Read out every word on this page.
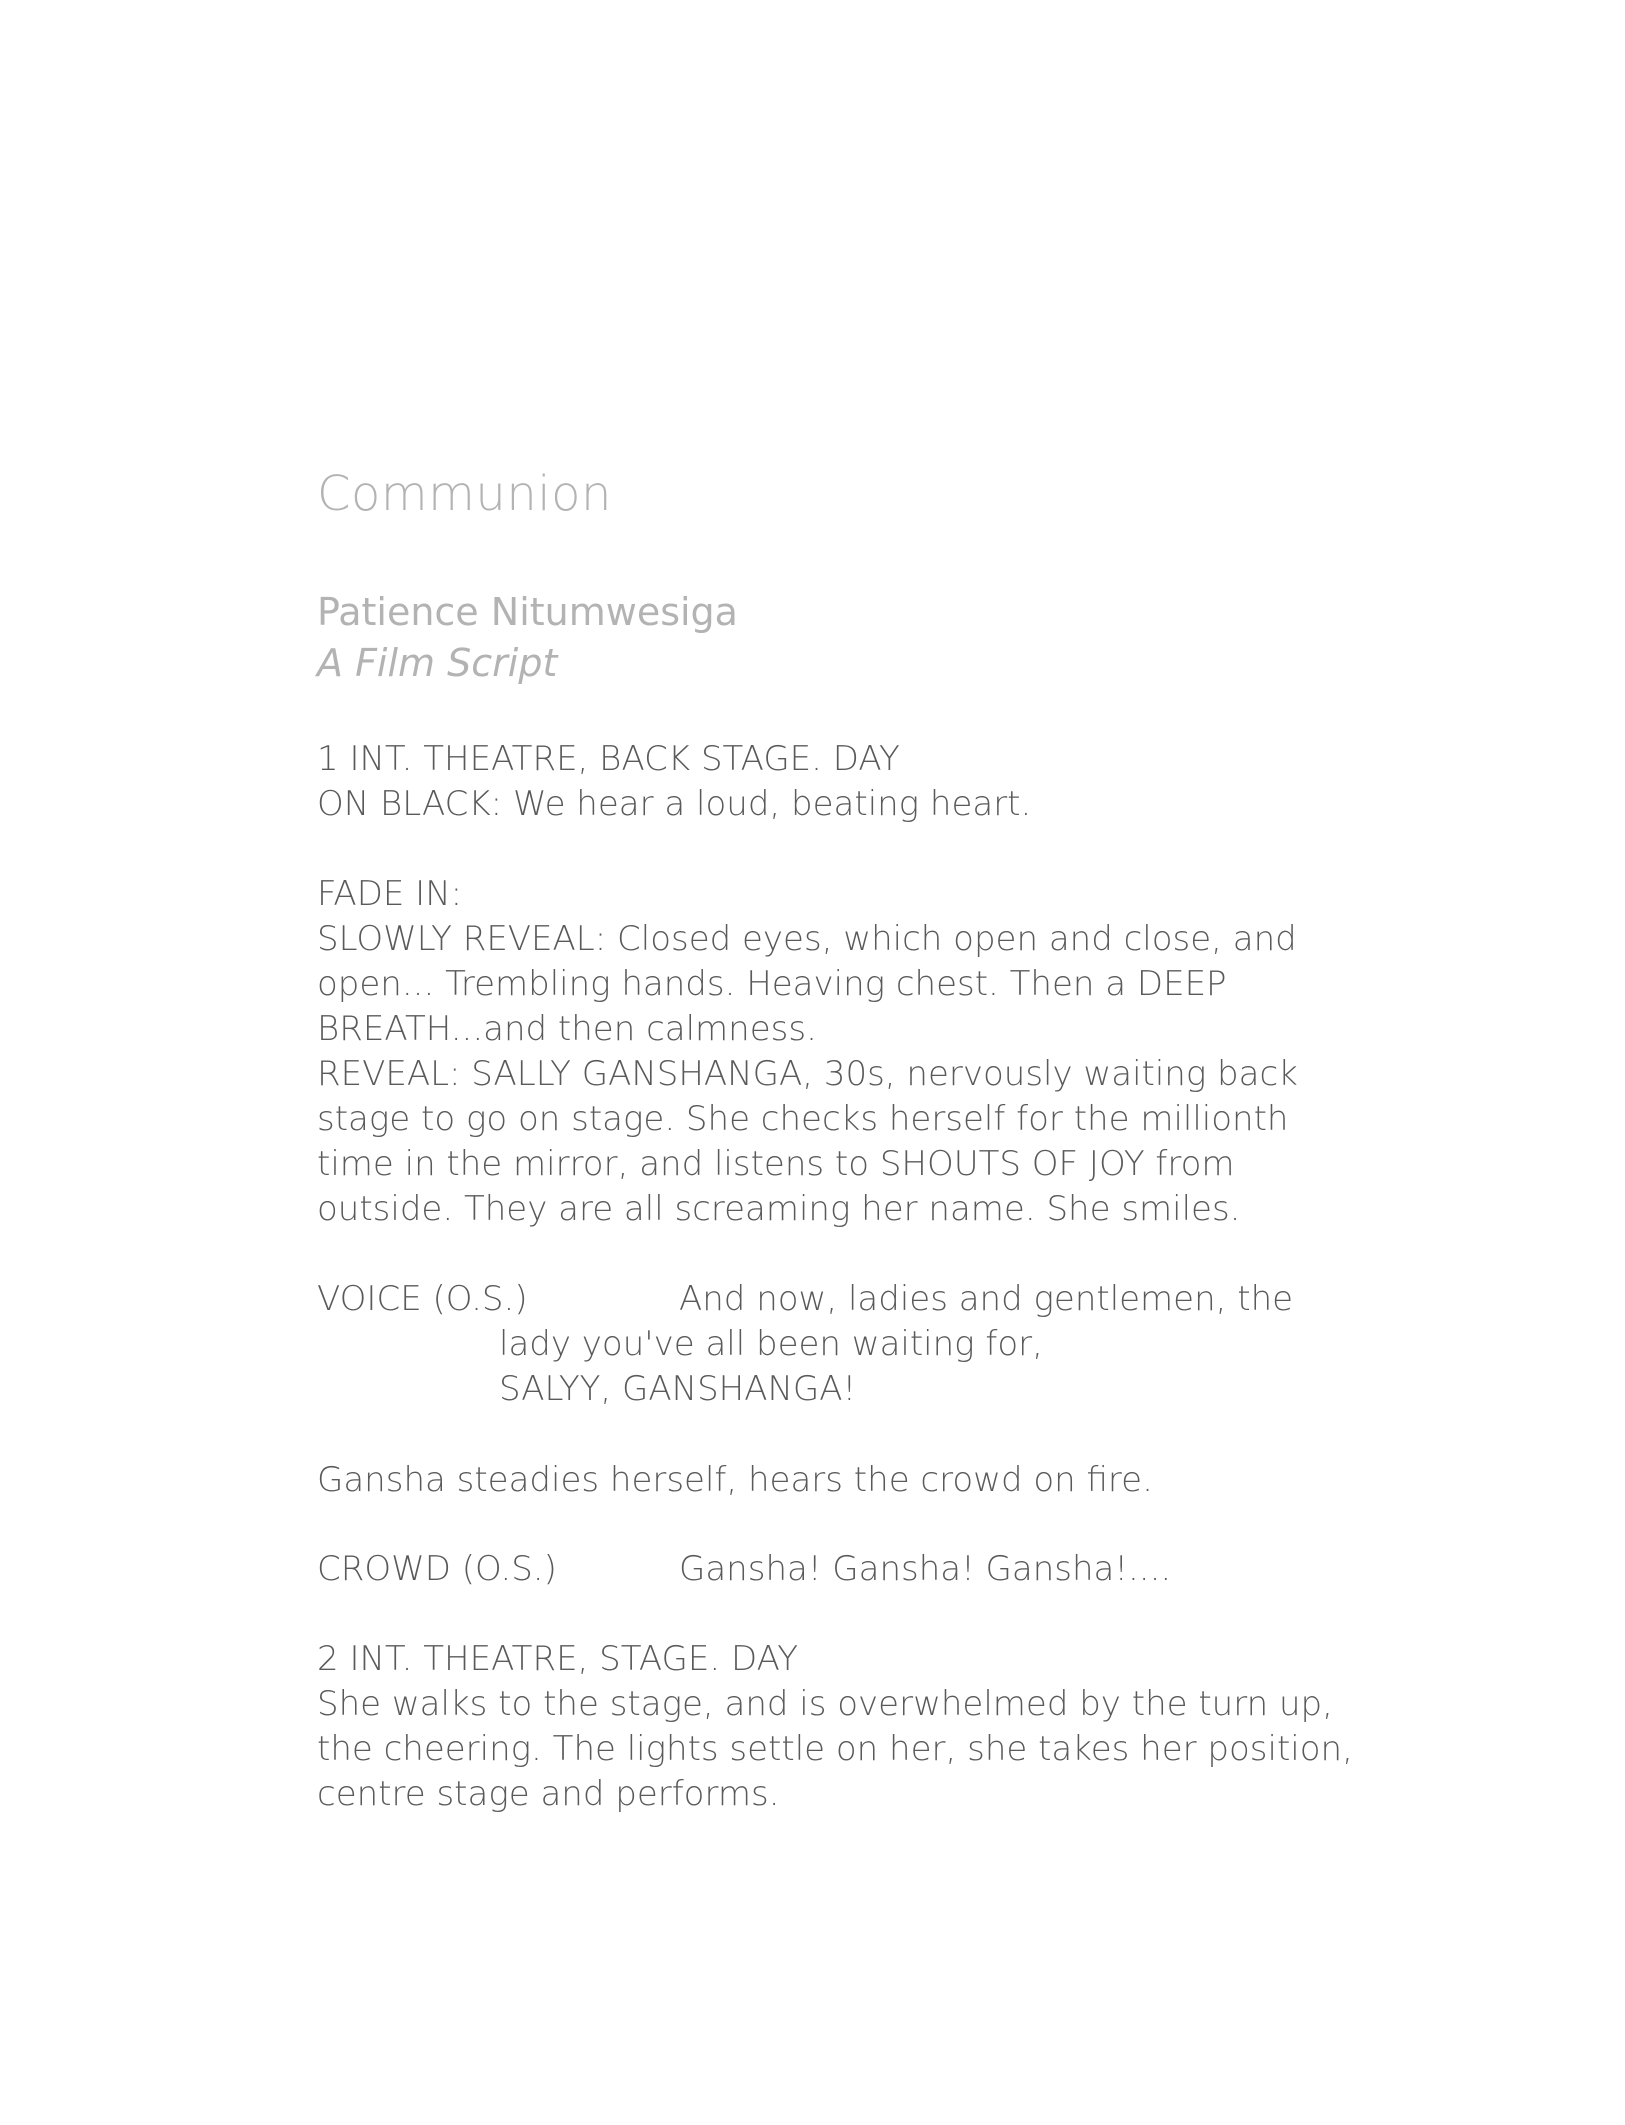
Communion
Patience Nitumwesiga
A Film Script
1 INT. THEATRE, BACK STAGE. DAY
ON BLACK: We hear a loud, beating heart.
FADE IN:
SLOWLY REVEAL: Closed eyes, which open and close, and
open... Trembling hands. Heaving chest. Then a DEEP
BREATH...and then calmness.
REVEAL: SALLY GANSHANGA, 30s, nervously waiting back
stage to go on stage. She checks herself for the millionth
time in the mirror, and listens to SHOUTS OF JOY from
outside. They are all screaming her name. She smiles.
VOICE (O.S.)	And now, ladies and gentlemen, the
lady you've all been waiting for,
SALYY, GANSHANGA!
Gansha steadies herself, hears the crowd on fire.
CROWD (O.S.)	Gansha! Gansha! Gansha!....
2 INT. THEATRE, STAGE. DAY
She walks to the stage, and is overwhelmed by the turn up,
the cheering. The lights settle on her, she takes her position,
centre stage and performs.
